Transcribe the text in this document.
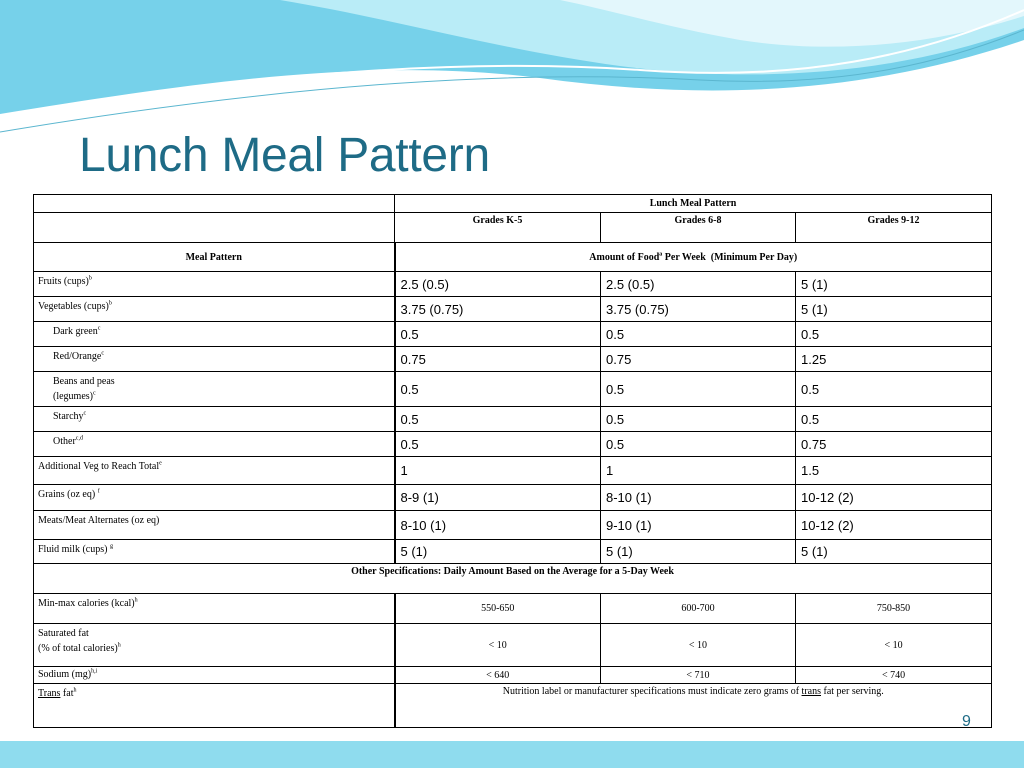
Lunch Meal Pattern
	Lunch Meal Pattern		
	Grades K-5	Grades 6-8	Grades 9-12
Meal Pattern	Amount of Food$^a$ Per Week  (Minimum Per Day)		
Fruits (cups)$^b$	2.5 (0.5)	2.5 (0.5)	5 (1)
Vegetables (cups)$^b$	3.75 (0.75)	3.75 (0.75)	5 (1)
Dark green$^c$	0.5	0.5	0.5
Red/Orange$^c$	0.75	0.75	1.25
Beans and peas
(legumes)$^c$	0.5	0.5	0.5
Starchy$^c$	0.5	0.5	0.5
Other$^{c,d}$	0.5	0.5	0.75
Additional Veg to Reach Total$^e$	1	1	1.5
Grains (oz eq) $^f$	8-9 (1)	8-10 (1)	10-12 (2)
Meats/Meat Alternates (oz eq)	8-10 (1)	9-10 (1)	10-12 (2)
Fluid milk (cups) $^g$	5 (1)	5 (1)	5 (1)
Other Specifications: Daily Amount Based on the Average for a 5-Day Week			
Min-max calories (kcal)$^h$	550-650	600-700	750-850
Saturated fat
(% of total calories)$^h$	< 10	< 10	< 10
Sodium (mg)$^{h,i}$	< 640	< 710	< 740
Trans fat$^h$	Nutrition label or manufacturer specifications must indicate zero grams of trans fat per serving.		
9
